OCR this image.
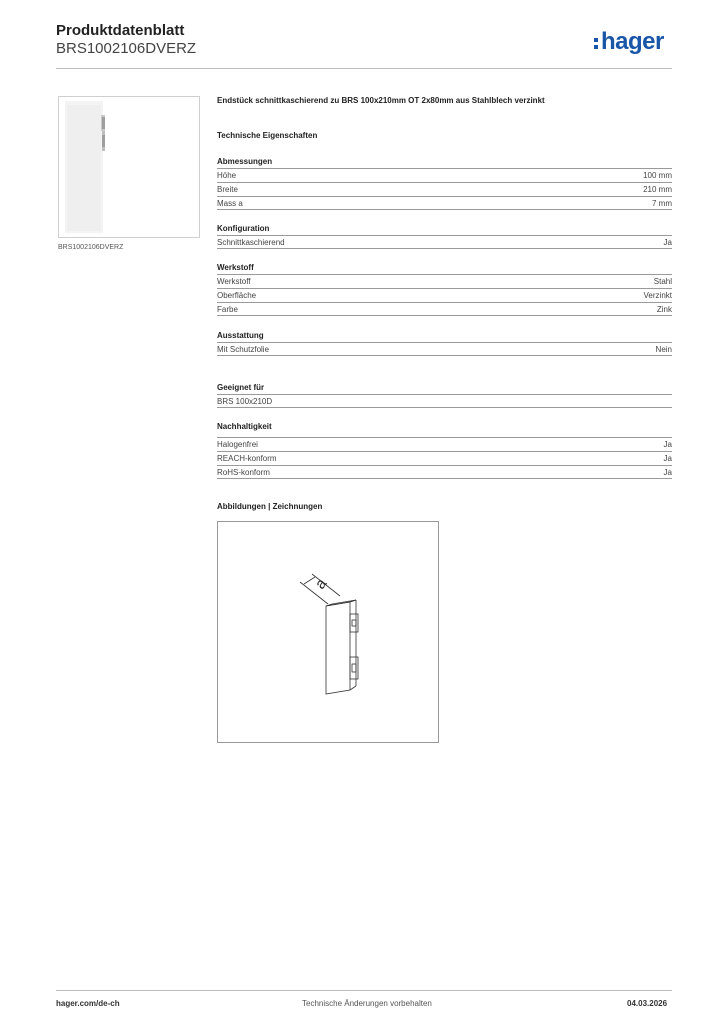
Produktdatenblatt
BRS1002106DVERZ	hager
BRS1002106DVERZ
Endstück schnittkaschierend zu BRS 100x210mm OT 2x80mm aus Stahlblech verzinkt
Technische Eigenschaften
Abmessungen
Höhe	100 mm
Breite	210 mm
Mass a	7 mm
Konfiguration
Schnittkaschierend	Ja
Werkstoff
Werkstoff	Stahl
Oberfläche	Verzinkt
Farbe	Zink
Ausstattung
Mit Schutzfolie	Nein
Geeignet für
BRS 100x210D
Nachhaltigkeit
Halogenfrei	Ja
REACH-konform	Ja
RoHS-konform	Ja
Abbildungen | Zeichnungen
a
hager.com/de-ch	Technische Änderungen vorbehalten	04.03.2026
